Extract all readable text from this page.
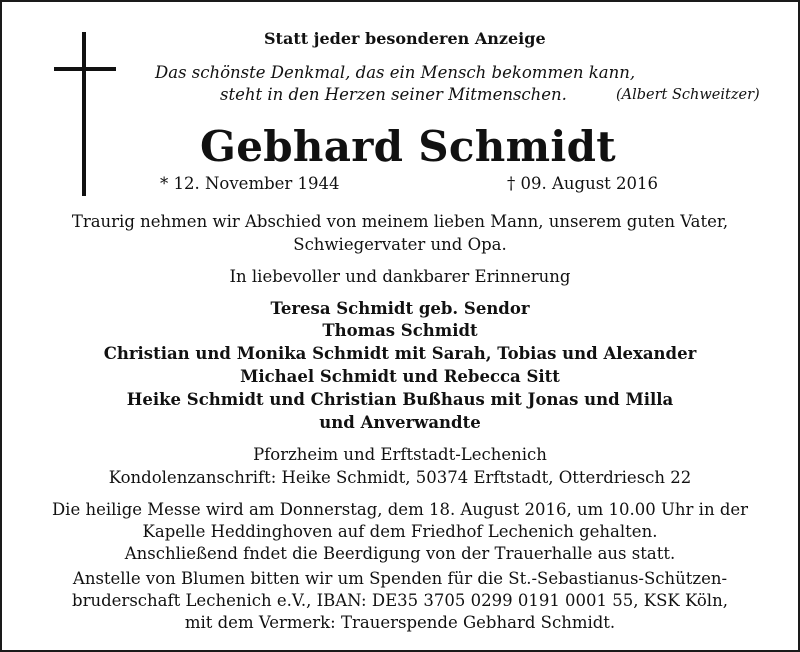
Statt jeder besonderen Anzeige
Das schönste Denkmal, das ein Mensch bekommen kann,
steht in den Herzen seiner Mitmenschen.	(Albert Schweitzer)
Gebhard Schmidt
* 12. November 1944	† 09. August 2016
Traurig nehmen wir Abschied von meinem lieben Mann, unserem guten Vater,
Schwiegervater und Opa.
In liebevoller und dankbarer Erinnerung
Teresa Schmidt geb. Sendor
Thomas Schmidt
Christian und Monika Schmidt mit Sarah, Tobias und Alexander
Michael Schmidt und Rebecca Sitt
Heike Schmidt und Christian Bußhaus mit Jonas und Milla
und Anverwandte
Pforzheim und Erftstadt-Lechenich
Kondolenzanschrift: Heike Schmidt, 50374 Erftstadt, Otterdriesch 22
Die heilige Messe wird am Donnerstag, dem 18. August 2016, um 10.00 Uhr in der
Kapelle Heddinghoven auf dem Friedhof Lechenich gehalten.
Anschließend fndet die Beerdigung von der Trauerhalle aus statt.
Anstelle von Blumen bitten wir um Spenden für die St.-Sebastianus-Schützen-
bruderschaft Lechenich e.V., IBAN: DE35 3705 0299 0191 0001 55, KSK Köln,
mit dem Vermerk: Trauerspende Gebhard Schmidt.
